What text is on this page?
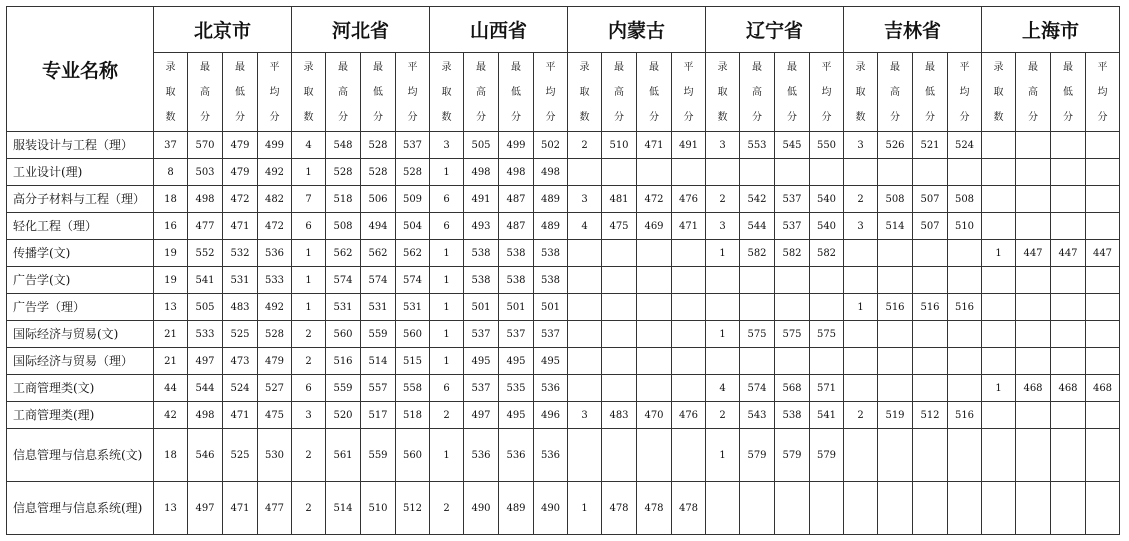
专业名称	北京市				河北省				山西省				内蒙古				辽宁省				吉林省				上海市			

	录
取
数	最
高
分	最
低
分	平
均
分	录
取
数	最
高
分	最
低
分	平
均
分	录
取
数	最
高
分	最
低
分	平
均
分	录
取
数	最
高
分	最
低
分	平
均
分	录
取
数	最
高
分	最
低
分	平
均
分	录
取
数	最
高
分	最
低
分	平
均
分	录
取
数	最
高
分	最
低
分	平
均
分

服装设计与工程（理）	37	570	479	499	4	548	528	537	3	505	499	502	2	510	471	491	3	553	545	550	3	526	521	524				
工业设计(理)	8	503	479	492	1	528	528	528	1	498	498	498																
高分子材料与工程（理）	18	498	472	482	7	518	506	509	6	491	487	489	3	481	472	476	2	542	537	540	2	508	507	508				
轻化工程（理）	16	477	471	472	6	508	494	504	6	493	487	489	4	475	469	471	3	544	537	540	3	514	507	510				
传播学(文)	19	552	532	536	1	562	562	562	1	538	538	538					1	582	582	582					1	447	447	447
广告学(文)	19	541	531	533	1	574	574	574	1	538	538	538																
广告学（理）	13	505	483	492	1	531	531	531	1	501	501	501									1	516	516	516				
国际经济与贸易(文)	21	533	525	528	2	560	559	560	1	537	537	537					1	575	575	575								
国际经济与贸易（理）	21	497	473	479	2	516	514	515	1	495	495	495																
工商管理类(文)	44	544	524	527	6	559	557	558	6	537	535	536					4	574	568	571					1	468	468	468
工商管理类(理)	42	498	471	475	3	520	517	518	2	497	495	496	3	483	470	476	2	543	538	541	2	519	512	516				
信息管理与信息系统(文)	18	546	525	530	2	561	559	560	1	536	536	536					1	579	579	579								
信息管理与信息系统(理)	13	497	471	477	2	514	510	512	2	490	489	490	1	478	478	478												
